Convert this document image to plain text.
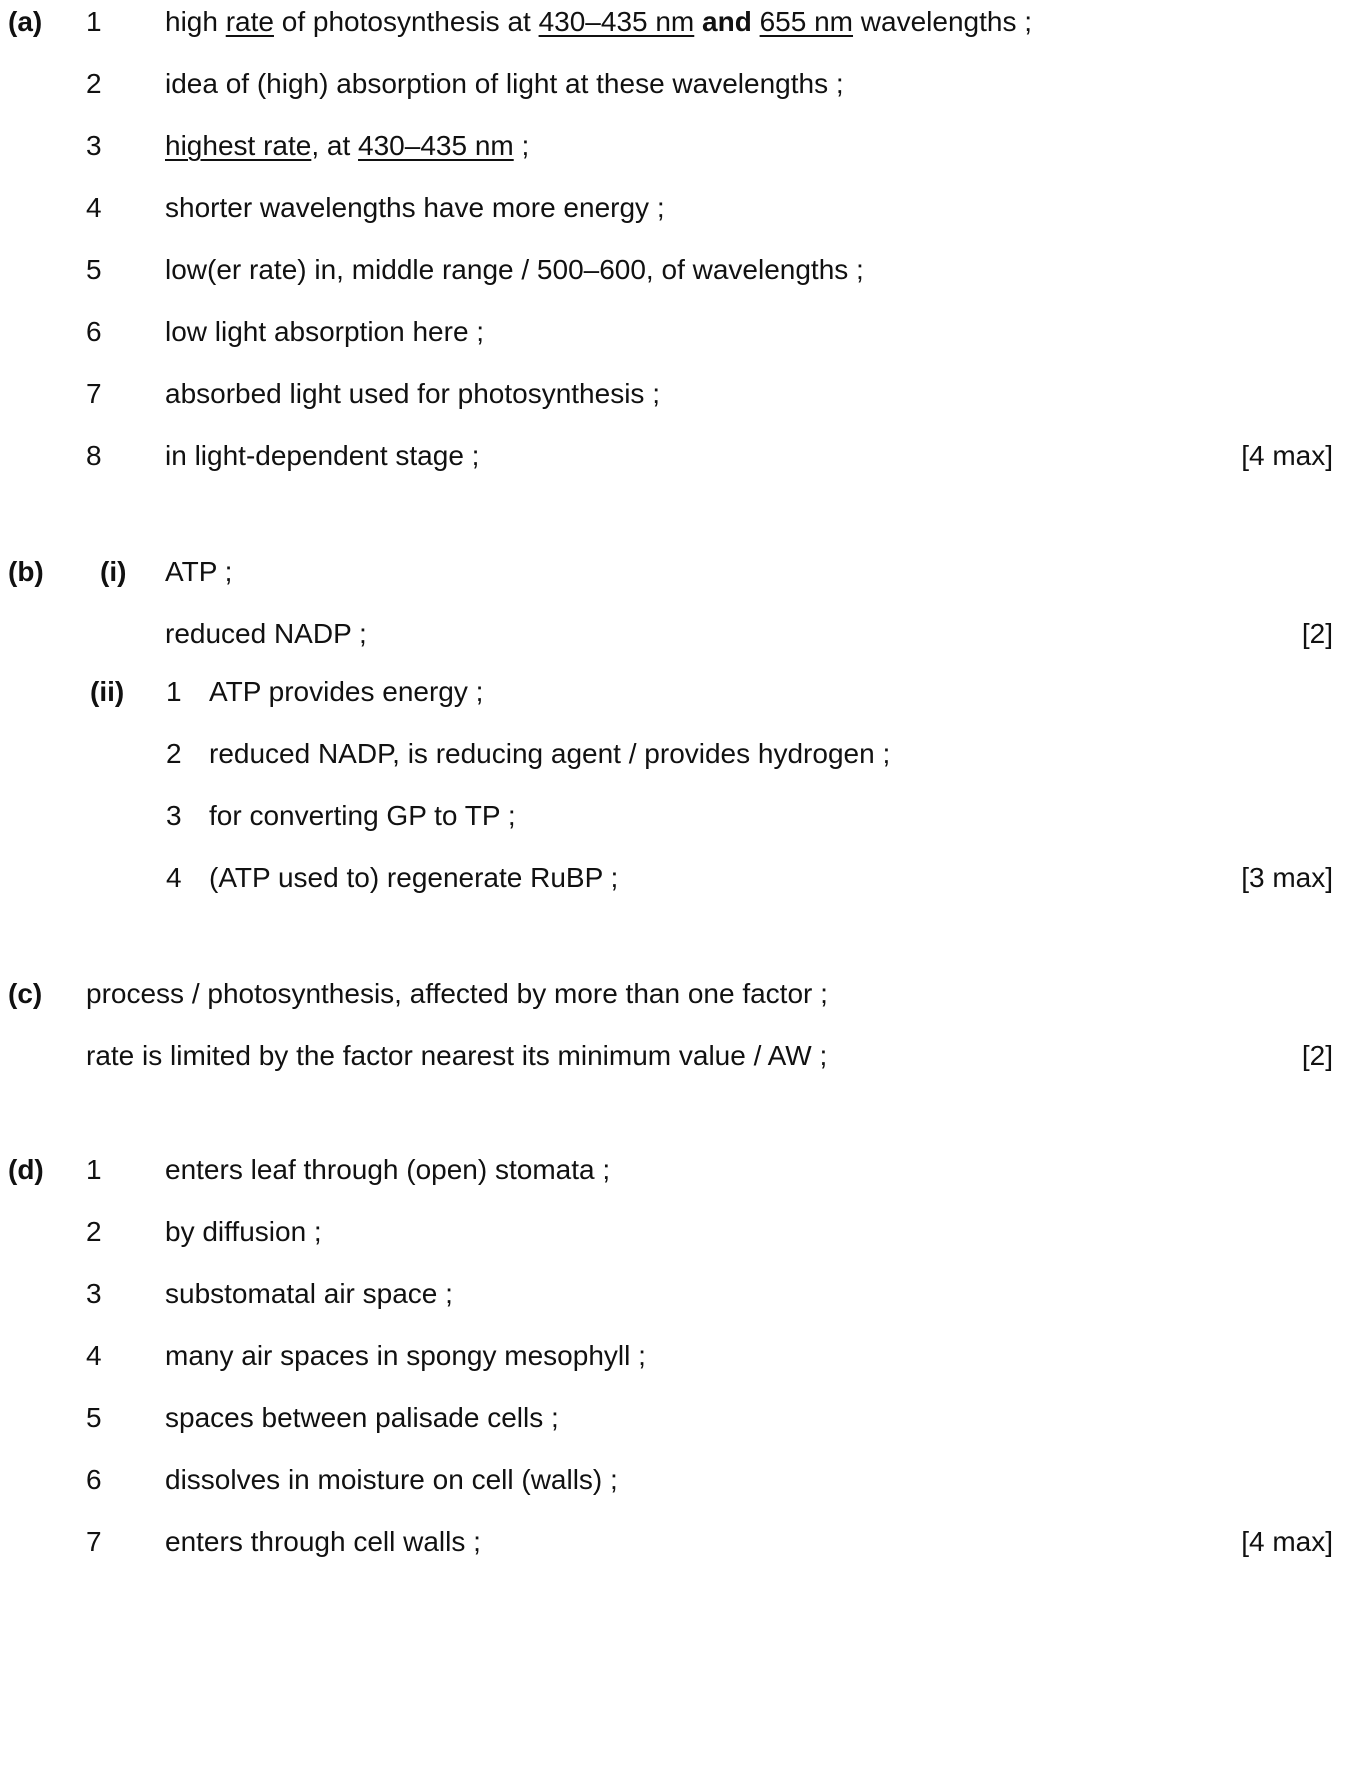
(a) 1 high rate of photosynthesis at 430–435 nm and 655 nm wavelengths ;
2 idea of (high) absorption of light at these wavelengths ;
3 highest rate, at 430–435 nm ;
4 shorter wavelengths have more energy ;
5 low(er rate) in, middle range / 500–600, of wavelengths ;
6 low light absorption here ;
7 absorbed light used for photosynthesis ;
8 in light-dependent stage ;	[4 max]
(b) (i) ATP ;
reduced NADP ;	[2]
(ii) 1 ATP provides energy ;
2 reduced NADP, is reducing agent / provides hydrogen ;
3 for converting GP to TP ;
4 (ATP used to) regenerate RuBP ;	[3 max]
(c) process / photosynthesis, affected by more than one factor ;
rate is limited by the factor nearest its minimum value / AW ;	[2]
(d) 1 enters leaf through (open) stomata ;
2 by diffusion ;
3 substomatal air space ;
4 many air spaces in spongy mesophyll ;
5 spaces between palisade cells ;
6 dissolves in moisture on cell (walls) ;
7 enters through cell walls ;	[4 max]
